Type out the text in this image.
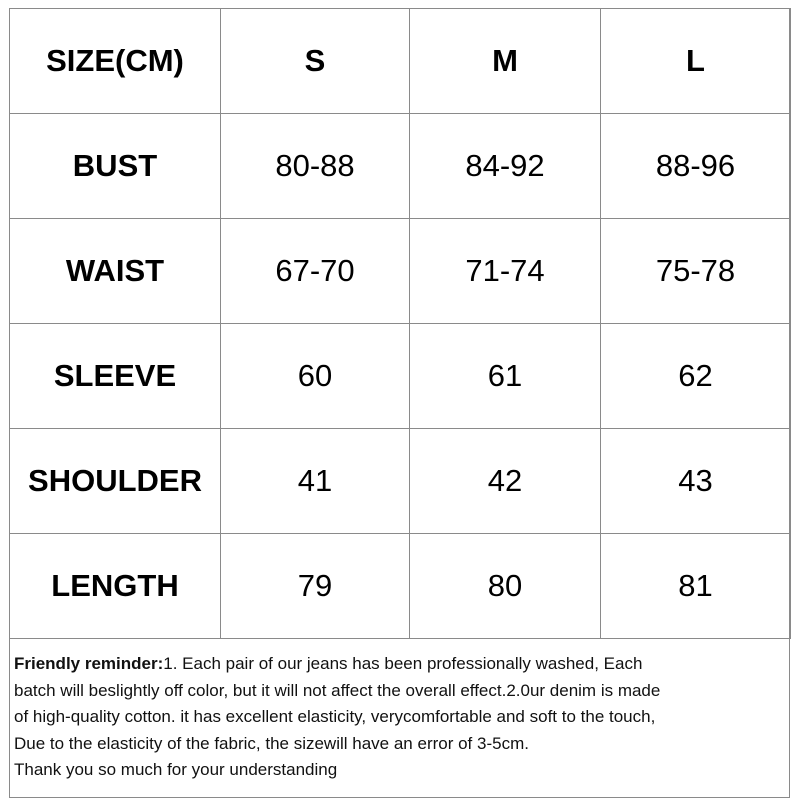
SIZE(CM)	S	M	L
BUST	80-88	84-92	88-96
WAIST	67-70	71-74	75-78
SLEEVE	60	61	62
SHOULDER	41	42	43
LENGTH	79	80	81
Friendly reminder:1. Each pair of our jeans has been professionally washed, Each
batch will beslightly off color, but it will not affect the overall effect.2.0ur denim is made
of high-quality cotton. it has excellent elasticity, verycomfortable and soft to the touch,
Due to the elasticity of the fabric, the sizewill have an error of 3-5cm.
Thank you so much for your understanding
